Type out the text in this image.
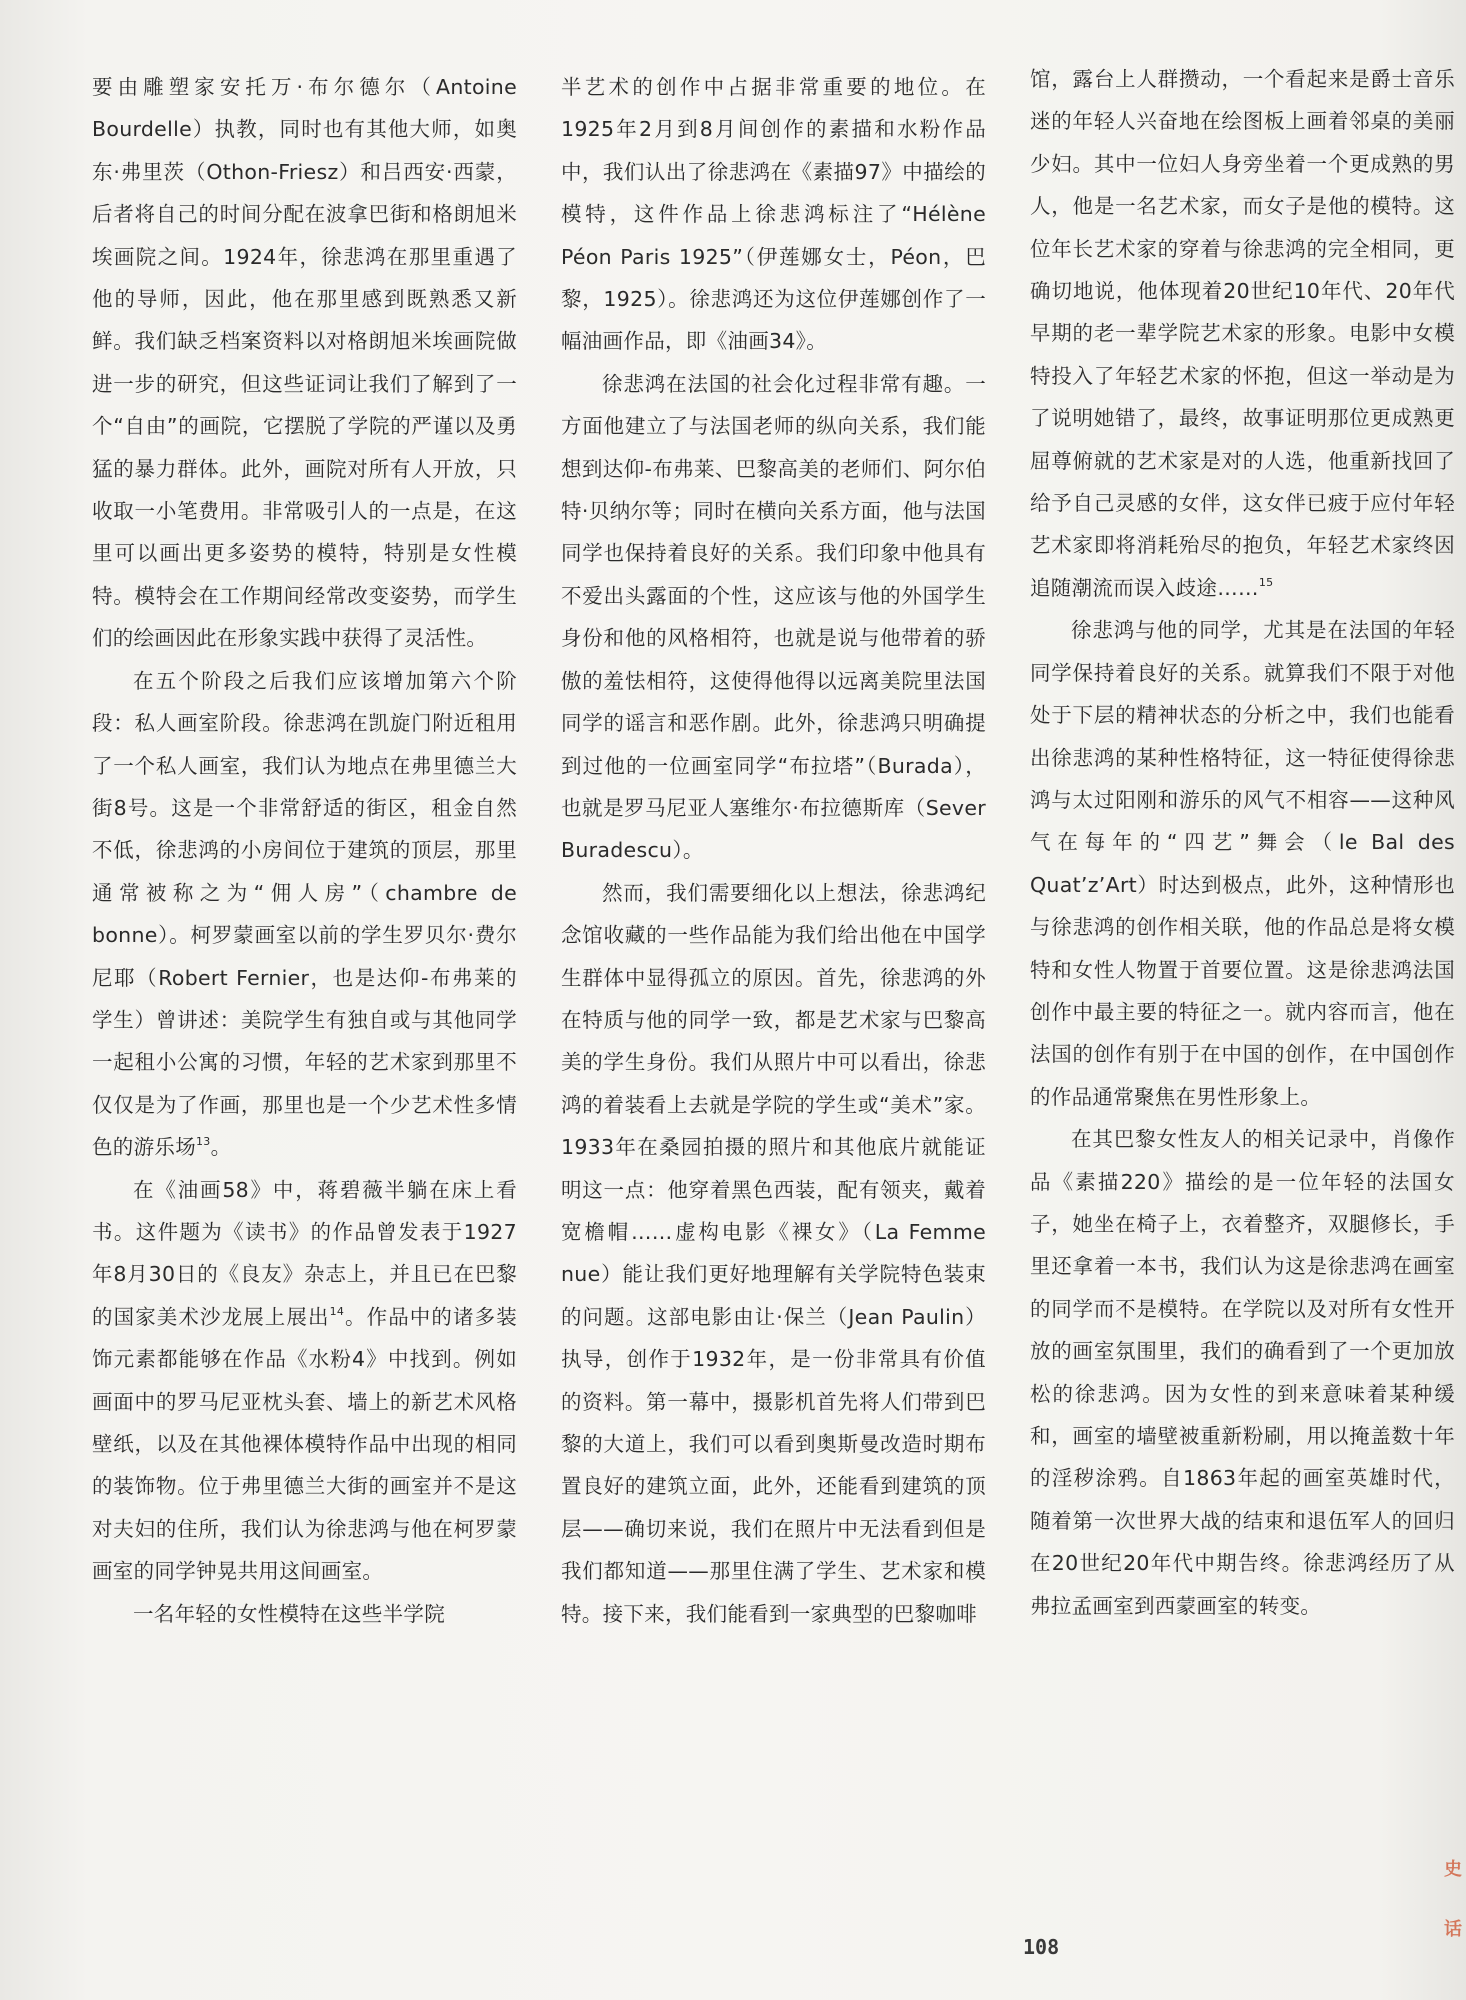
要由雕塑家安托万·布尔德尔（Antoine Bourdelle）执教，同时也有其他大师，如奥东·弗里茨（Othon-Friesz）和吕西安·西蒙，后者将自己的时间分配在波拿巴街和格朗旭米埃画院之间。1924年，徐悲鸿在那里重遇了他的导师，因此，他在那里感到既熟悉又新鲜。我们缺乏档案资料以对格朗旭米埃画院做进一步的研究，但这些证词让我们了解到了一个“自由”的画院，它摆脱了学院的严谨以及勇猛的暴力群体。此外，画院对所有人开放，只收取一小笔费用。非常吸引人的一点是，在这里可以画出更多姿势的模特，特别是女性模特。模特会在工作期间经常改变姿势，而学生们的绘画因此在形象实践中获得了灵活性。

在五个阶段之后我们应该增加第六个阶段：私人画室阶段。徐悲鸿在凯旋门附近租用了一个私人画室，我们认为地点在弗里德兰大街8号。这是一个非常舒适的街区，租金自然不低，徐悲鸿的小房间位于建筑的顶层，那里通常被称之为“佣人房”（chambre de bonne）。柯罗蒙画室以前的学生罗贝尔·费尔尼耶（Robert Fernier，也是达仰-布弗莱的学生）曾讲述：美院学生有独自或与其他同学一起租小公寓的习惯，年轻的艺术家到那里不仅仅是为了作画，那里也是一个少艺术性多情色的游乐场$^{13}$。

在《油画58》中，蒋碧薇半躺在床上看书。这件题为《读书》的作品曾发表于1927年8月30日的《良友》杂志上，并且已在巴黎的国家美术沙龙展上展出$^{14}$。作品中的诸多装饰元素都能够在作品《水粉4》中找到。例如画面中的罗马尼亚枕头套、墙上的新艺术风格壁纸，以及在其他裸体模特作品中出现的相同的装饰物。位于弗里德兰大街的画室并不是这对夫妇的住所，我们认为徐悲鸿与他在柯罗蒙画室的同学钟晃共用这间画室。

一名年轻的女性模特在这些半学院

半艺术的创作中占据非常重要的地位。在1925年2月到8月间创作的素描和水粉作品中，我们认出了徐悲鸿在《素描97》中描绘的模特，这件作品上徐悲鸿标注了“Hélène Péon Paris 1925”（伊莲娜女士，Péon，巴黎，1925）。徐悲鸿还为这位伊莲娜创作了一幅油画作品，即《油画34》。

徐悲鸿在法国的社会化过程非常有趣。一方面他建立了与法国老师的纵向关系，我们能想到达仰-布弗莱、巴黎高美的老师们、阿尔伯特·贝纳尔等；同时在横向关系方面，他与法国同学也保持着良好的关系。我们印象中他具有不爱出头露面的个性，这应该与他的外国学生身份和他的风格相符，也就是说与他带着的骄傲的羞怯相符，这使得他得以远离美院里法国同学的谣言和恶作剧。此外，徐悲鸿只明确提到过他的一位画室同学“布拉塔”（Burada），也就是罗马尼亚人塞维尔·布拉德斯库（Sever Buradescu）。

然而，我们需要细化以上想法，徐悲鸿纪念馆收藏的一些作品能为我们给出他在中国学生群体中显得孤立的原因。首先，徐悲鸿的外在特质与他的同学一致，都是艺术家与巴黎高美的学生身份。我们从照片中可以看出，徐悲鸿的着装看上去就是学院的学生或“美术”家。1933年在桑园拍摄的照片和其他底片就能证明这一点：他穿着黑色西装，配有领夹，戴着宽檐帽……虚构电影《裸女》（La Femme nue）能让我们更好地理解有关学院特色装束的问题。这部电影由让·保兰（Jean Paulin）执导，创作于1932年，是一份非常具有价值的资料。第一幕中，摄影机首先将人们带到巴黎的大道上，我们可以看到奥斯曼改造时期布置良好的建筑立面，此外，还能看到建筑的顶层——确切来说，我们在照片中无法看到但是我们都知道——那里住满了学生、艺术家和模特。接下来，我们能看到一家典型的巴黎咖啡

馆，露台上人群攒动，一个看起来是爵士音乐迷的年轻人兴奋地在绘图板上画着邻桌的美丽少妇。其中一位妇人身旁坐着一个更成熟的男人，他是一名艺术家，而女子是他的模特。这位年长艺术家的穿着与徐悲鸿的完全相同，更确切地说，他体现着20世纪10年代、20年代早期的老一辈学院艺术家的形象。电影中女模特投入了年轻艺术家的怀抱，但这一举动是为了说明她错了，最终，故事证明那位更成熟更屈尊俯就的艺术家是对的人选，他重新找回了给予自己灵感的女伴，这女伴已疲于应付年轻艺术家即将消耗殆尽的抱负，年轻艺术家终因追随潮流而误入歧途……$^{15}$

徐悲鸿与他的同学，尤其是在法国的年轻同学保持着良好的关系。就算我们不限于对他处于下层的精神状态的分析之中，我们也能看出徐悲鸿的某种性格特征，这一特征使得徐悲鸿与太过阳刚和游乐的风气不相容——这种风气在每年的“四艺”舞会（le Bal des Quat’z’Art）时达到极点，此外，这种情形也与徐悲鸿的创作相关联，他的作品总是将女模特和女性人物置于首要位置。这是徐悲鸿法国创作中最主要的特征之一。就内容而言，他在法国的创作有别于在中国的创作，在中国创作的作品通常聚焦在男性形象上。

在其巴黎女性友人的相关记录中，肖像作品《素描220》描绘的是一位年轻的法国女子，她坐在椅子上，衣着整齐，双腿修长，手里还拿着一本书，我们认为这是徐悲鸿在画室的同学而不是模特。在学院以及对所有女性开放的画室氛围里，我们的确看到了一个更加放松的徐悲鸿。因为女性的到来意味着某种缓和，画室的墙壁被重新粉刷，用以掩盖数十年的淫秽涂鸦。自1863年起的画室英雄时代，随着第一次世界大战的结束和退伍军人的回归在20世纪20年代中期告终。徐悲鸿经历了从弗拉孟画室到西蒙画室的转变。

108
史
话
